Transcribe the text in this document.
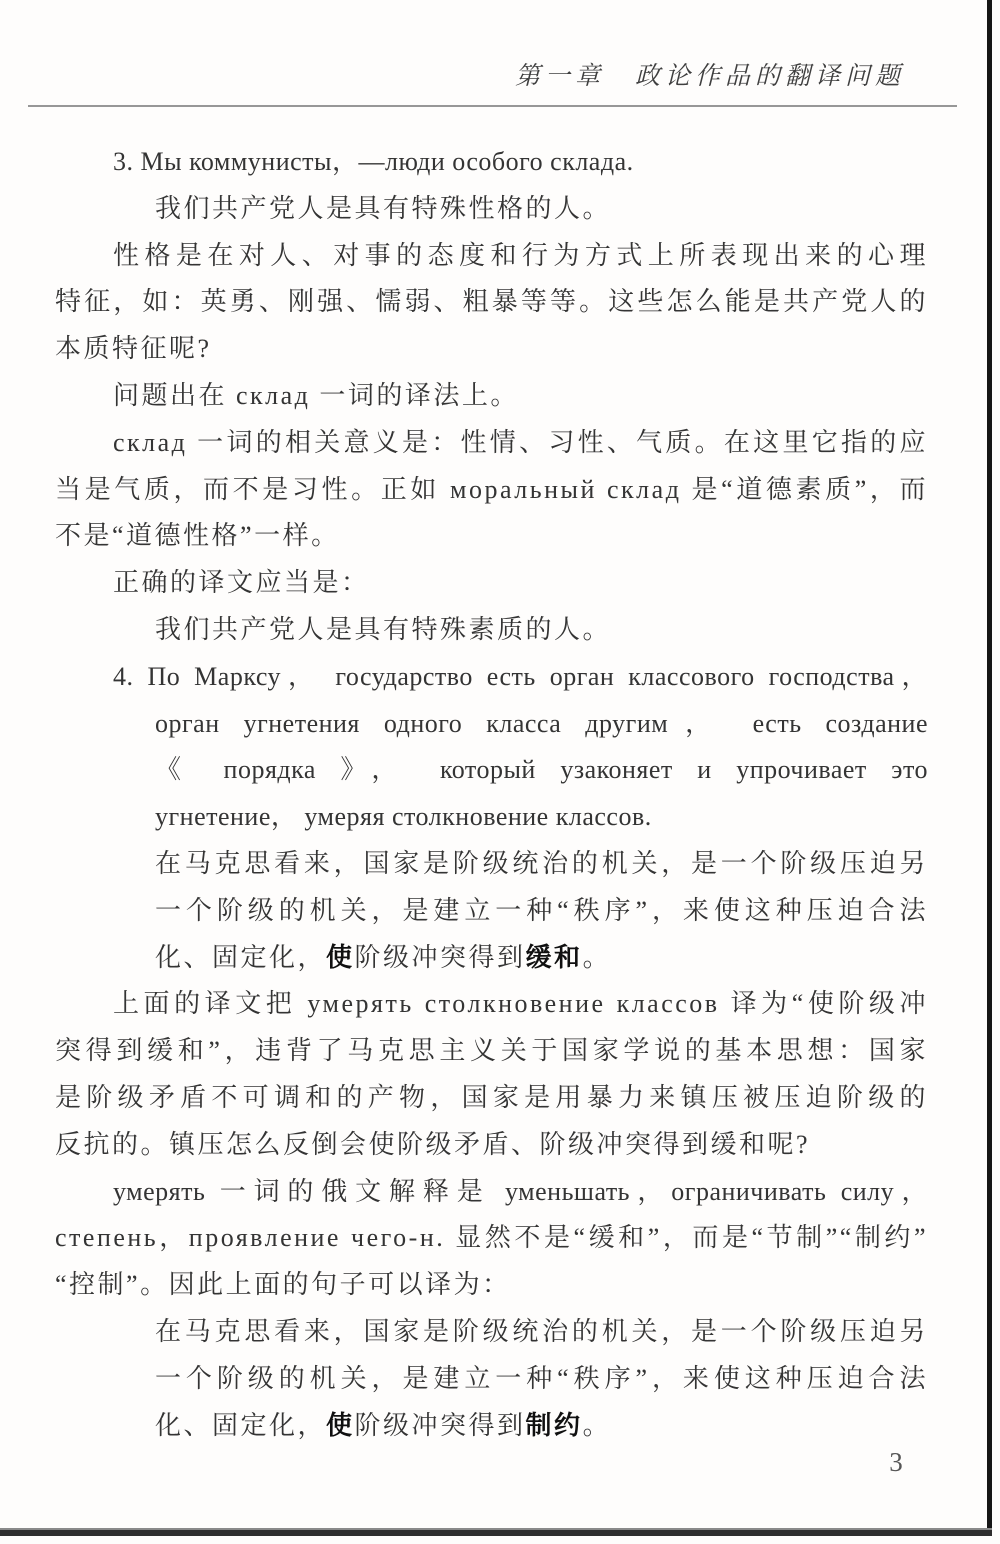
第一章　政论作品的翻译问题
3. Мы коммунисты，—люди особого склада.
我们共产党人是具有特殊性格的人。
性格是在对人、对事的态度和行为方式上所表现出来的心理
特征，如：英勇、刚强、懦弱、粗暴等等。这些怎么能是共产党人的
本质特征呢?
问题出在 склад 一词的译法上。
склад 一词的相关意义是：性情、习性、气质。在这里它指的应
当是气质，而不是习性。正如 моральный склад 是“道德素质”，而
不是“道德性格”一样。
正确的译文应当是：
我们共产党人是具有特殊素质的人。
4. По Марксу， государство есть орган классового господства，
орган угнетения одного класса другим， есть создание
《 порядка 》， который узаконяет и упрочивает это
угнетение， умеряя столкновение классов.
在马克思看来，国家是阶级统治的机关，是一个阶级压迫另
一个阶级的机关，是建立一种“秩序”，来使这种压迫合法
化、固定化，使阶级冲突得到缓和。
上面的译文把 умерять столкновение классов 译为“使阶级冲
突得到缓和”，违背了马克思主义关于国家学说的基本思想：国家
是阶级矛盾不可调和的产物，国家是用暴力来镇压被压迫阶级的
反抗的。镇压怎么反倒会使阶级矛盾、阶级冲突得到缓和呢?
умерять 一词的俄文解释是 уменьшать，ограничивать силу，
степень，проявление чего-н. 显然不是“缓和”，而是“节制”“制约”
“控制”。因此上面的句子可以译为：
在马克思看来，国家是阶级统治的机关，是一个阶级压迫另
一个阶级的机关，是建立一种“秩序”，来使这种压迫合法
化、固定化，使阶级冲突得到制约。
3
